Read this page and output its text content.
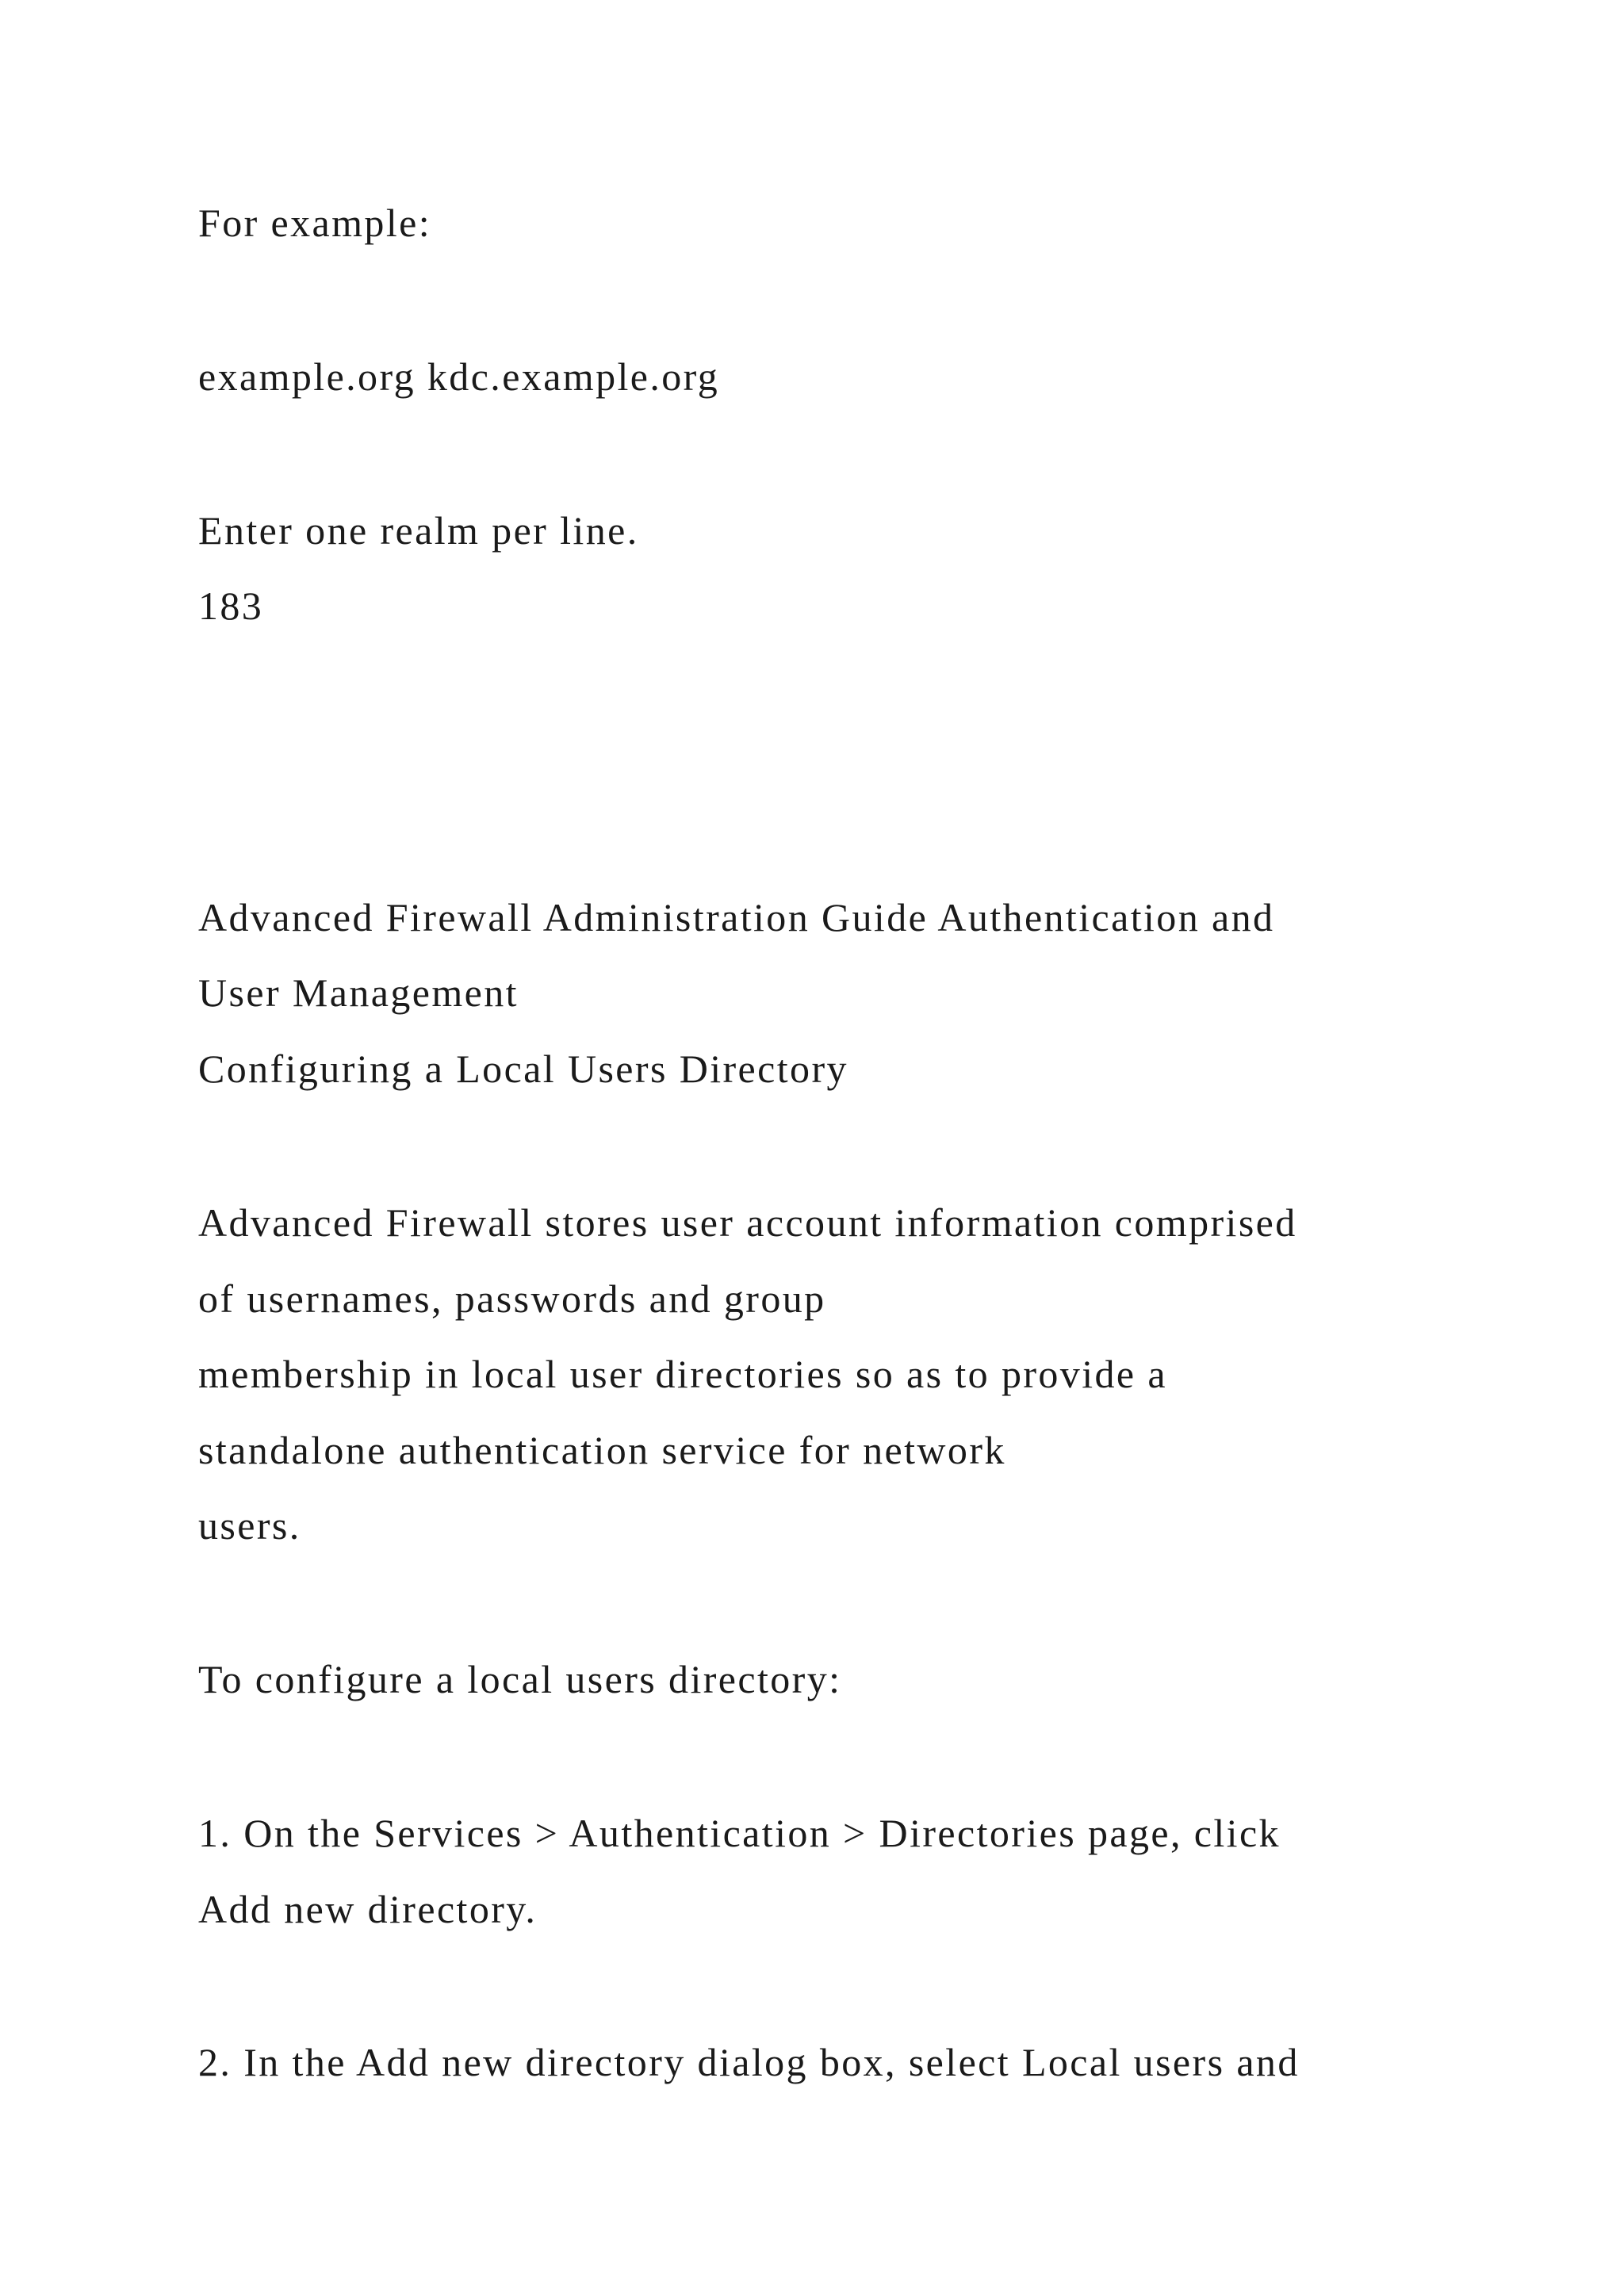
For example:

example.org kdc.example.org

Enter one realm per line.

183

Advanced Firewall Administration Guide Authentication and

User Management

Configuring a Local Users Directory

Advanced Firewall stores user account information comprised

of usernames, passwords and group

membership in local user directories so as to provide a

standalone authentication service for network

users.

To configure a local users directory:

1. On the Services > Authentication > Directories page, click

Add new directory.

2. In the Add new directory dialog box, select Local users and
